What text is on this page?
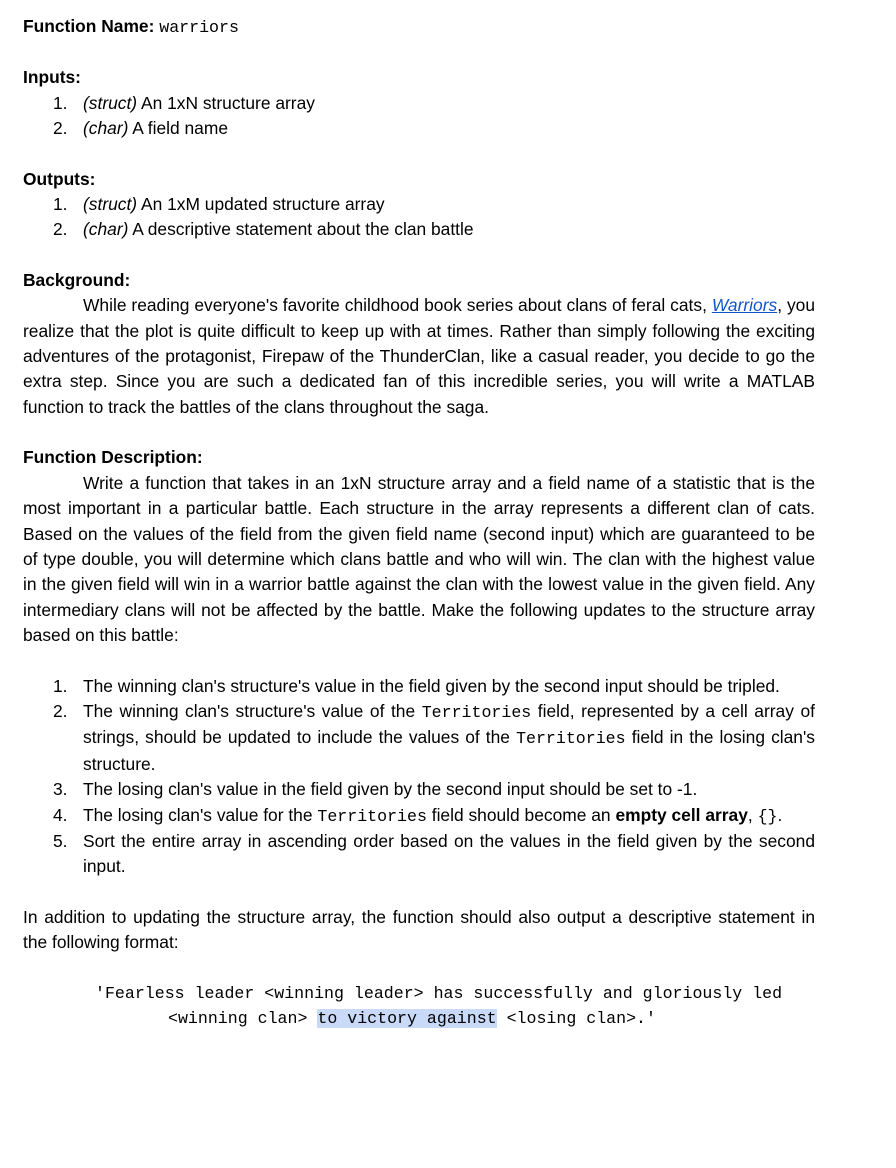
Function Name: warriors

Inputs:

1. (struct) An 1xN structure array
2. (char) A field name

Outputs:

1. (struct) An 1xM updated structure array
2. (char) A descriptive statement about the clan battle

Background:

While reading everyone's favorite childhood book series about clans of feral cats, Warriors, you realize that the plot is quite difficult to keep up with at times. Rather than simply following the exciting adventures of the protagonist, Firepaw of the ThunderClan, like a casual reader, you decide to go the extra step. Since you are such a dedicated fan of this incredible series, you will write a MATLAB function to track the battles of the clans throughout the saga.

Function Description:

Write a function that takes in an 1xN structure array and a field name of a statistic that is the most important in a particular battle. Each structure in the array represents a different clan of cats. Based on the values of the field from the given field name (second input) which are guaranteed to be of type double, you will determine which clans battle and who will win. The clan with the highest value in the given field will win in a warrior battle against the clan with the lowest value in the given field. Any intermediary clans will not be affected by the battle. Make the following updates to the structure array based on this battle:

1. The winning clan's structure's value in the field given by the second input should be tripled.
2. The winning clan's structure's value of the Territories field, represented by a cell array of strings, should be updated to include the values of the Territories field in the losing clan's structure.
3. The losing clan's value in the field given by the second input should be set to -1.
4. The losing clan's value for the Territories field should become an empty cell array, {}.
5. Sort the entire array in ascending order based on the values in the field given by the second input.

In addition to updating the structure array, the function should also output a descriptive statement in the following format:

'Fearless leader <winning leader> has successfully and gloriously led
<winning clan> to victory against <losing clan>.'
